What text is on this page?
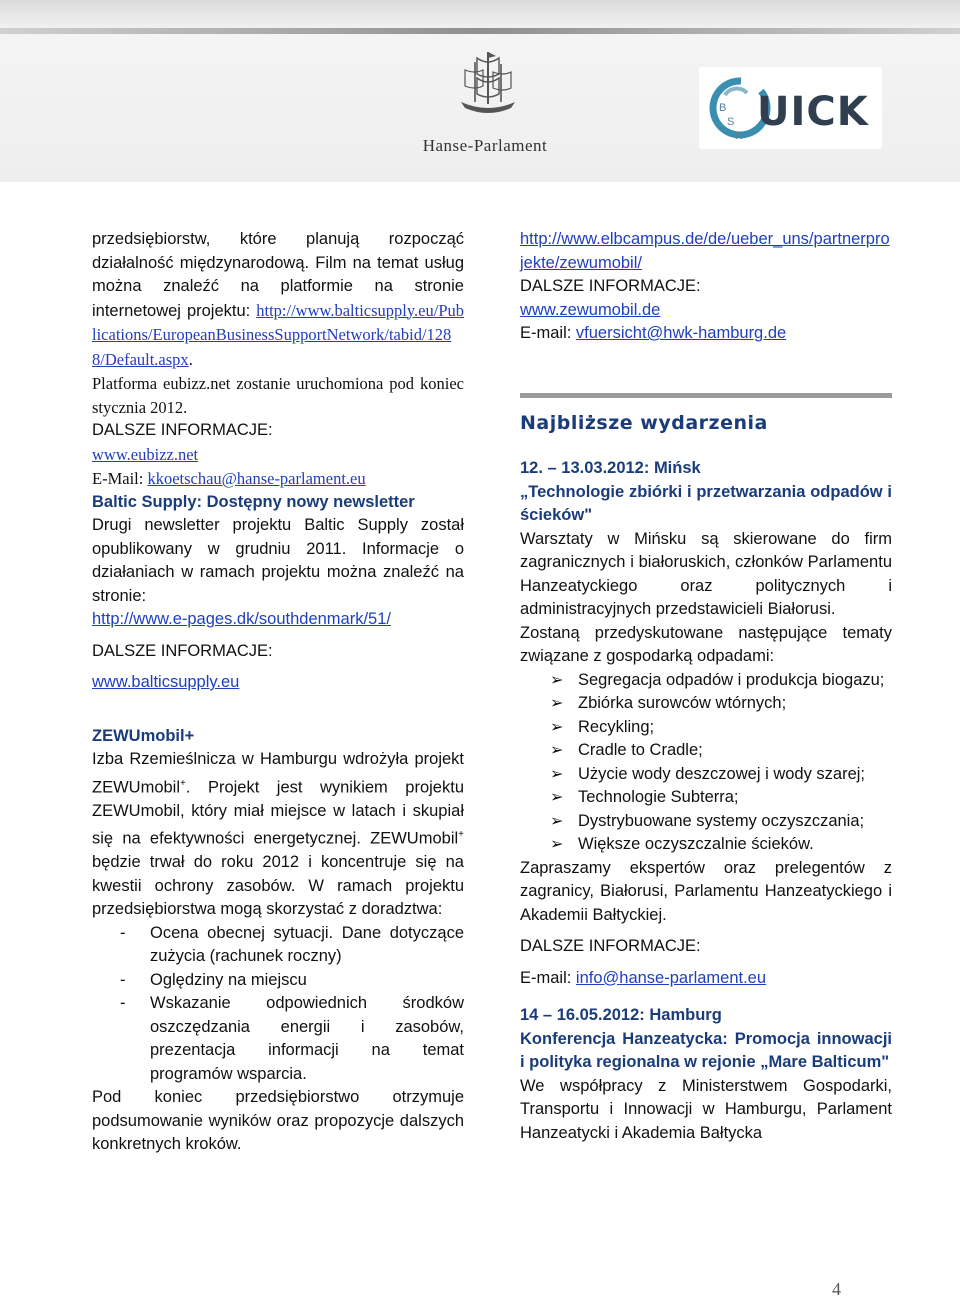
Hanse-Parlament
B
S
R
UICK

przedsiębiorstw, które planują rozpocząć działalność międzynarodową. Film na temat usług można znaleźć na platformie na stronie internetowej projektu: http://www.balticsupply.eu/Publications/EuropeanBusinessSupportNetwork/tabid/1288/Default.aspx.

Platforma eubizz.net zostanie uruchomiona pod koniec stycznia 2012.

DALSZE INFORMACJE:

www.eubizz.net

E-Mail: kkoetschau@hanse-parlament.eu

Baltic Supply: Dostępny nowy newsletter

Drugi newsletter projektu Baltic Supply został opublikowany w grudniu 2011. Informacje o działaniach w ramach projektu można znaleźć na stronie:

http://www.e-pages.dk/southdenmark/51/

DALSZE INFORMACJE:

www.balticsupply.eu

ZEWUmobil+

Izba Rzemieślnicza w Hamburgu wdrożyła projekt ZEWUmobil+. Projekt jest wynikiem projektu ZEWUmobil, który miał miejsce w latach i skupiał się na efektywności energetycznej. ZEWUmobil+ będzie trwał do roku 2012 i koncentruje się na kwestii ochrony zasobów. W ramach projektu przedsiębiorstwa mogą skorzystać z doradztwa:

- Ocena obecnej sytuacji. Dane dotyczące zużycia (rachunek roczny)
- Oględziny na miejscu
- Wskazanie odpowiednich środków oszczędzania energii i zasobów, prezentacja informacji na temat programów wsparcia.

Pod koniec przedsiębiorstwo otrzymuje podsumowanie wyników oraz propozycje dalszych konkretnych kroków.

http://www.elbcampus.de/de/ueber_uns/partnerprojekte/zewumobil/

DALSZE INFORMACJE:

www.zewumobil.de

E-mail: vfuersicht@hwk-hamburg.de

Najbliższe wydarzenia

12. – 13.03.2012: Mińsk

„Technologie zbiórki i przetwarzania odpadów i ścieków"

Warsztaty w Mińsku są skierowane do firm zagranicznych i białoruskich, członków Parlamentu Hanzeatyckiego oraz politycznych i administracyjnych przedstawicieli Białorusi.

Zostaną przedyskutowane następujące tematy związane z gospodarką odpadami:

➢ Segregacja odpadów i produkcja biogazu;
➢ Zbiórka surowców wtórnych;
➢ Recykling;
➢ Cradle to Cradle;
➢ Użycie wody deszczowej i wody szarej;
➢ Technologie Subterra;
➢ Dystrybuowane systemy oczyszczania;
➢ Większe oczyszczalnie ścieków.

Zapraszamy ekspertów oraz prelegentów z zagranicy, Białorusi, Parlamentu Hanzeatyckiego i Akademii Bałtyckiej.

DALSZE INFORMACJE:

E-mail: info@hanse-parlament.eu

14 – 16.05.2012: Hamburg

Konferencja Hanzeatycka: Promocja innowacji i polityka regionalna w rejonie „Mare Balticum"

We współpracy z Ministerstwem Gospodarki, Transportu i Innowacji w Hamburgu, Parlament Hanzeatycki i Akademia Bałtycka

4
